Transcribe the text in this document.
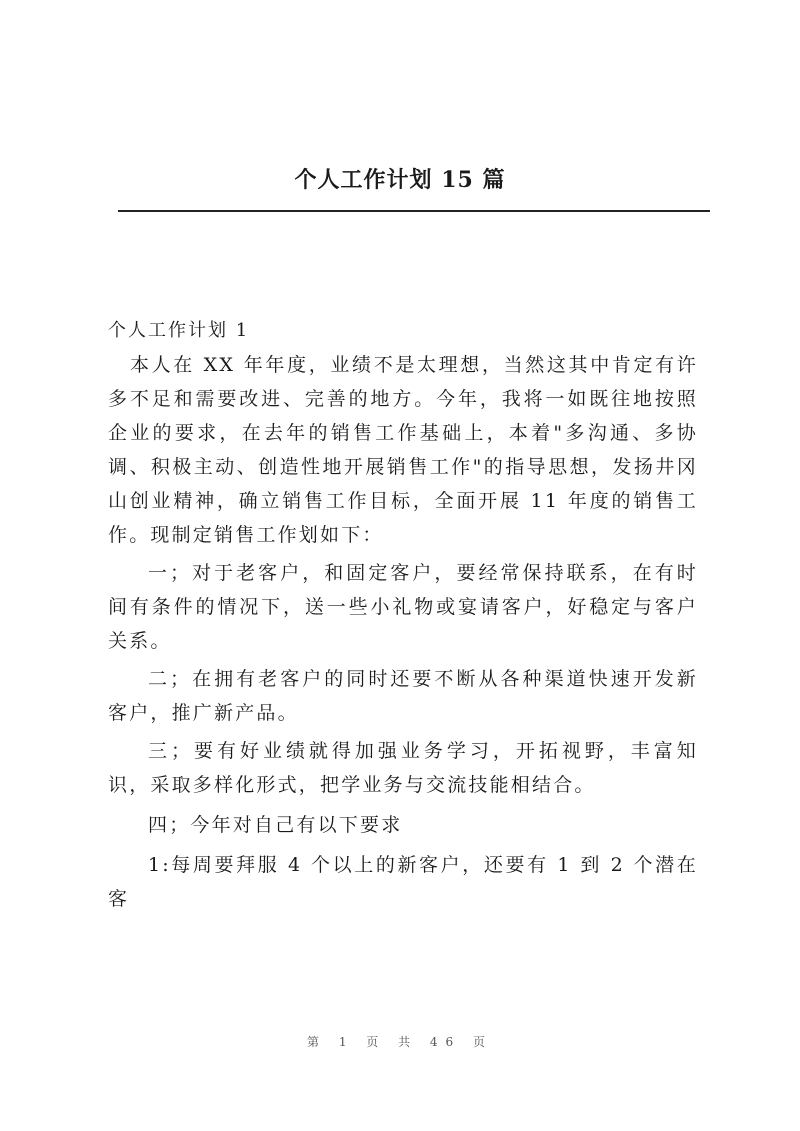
个人工作计划 15 篇

个人工作计划 1

本人在 XX 年年度，业绩不是太理想，当然这其中肯定有许多不足和需要改进、完善的地方。今年，我将一如既往地按照企业的要求，在去年的销售工作基础上，本着"多沟通、多协调、积极主动、创造性地开展销售工作"的指导思想，发扬井冈山创业精神，确立销售工作目标，全面开展 11 年度的销售工作。现制定销售工作划如下：

一；对于老客户，和固定客户，要经常保持联系，在有时间有条件的情况下，送一些小礼物或宴请客户，好稳定与客户关系。

二；在拥有老客户的同时还要不断从各种渠道快速开发新客户，推广新产品。

三；要有好业绩就得加强业务学习，开拓视野，丰富知识，采取多样化形式，把学业务与交流技能相结合。

四；今年对自己有以下要求

1:每周要拜服 4 个以上的新客户，还要有 1 到 2 个潜在客

第 1 页 共 46 页
